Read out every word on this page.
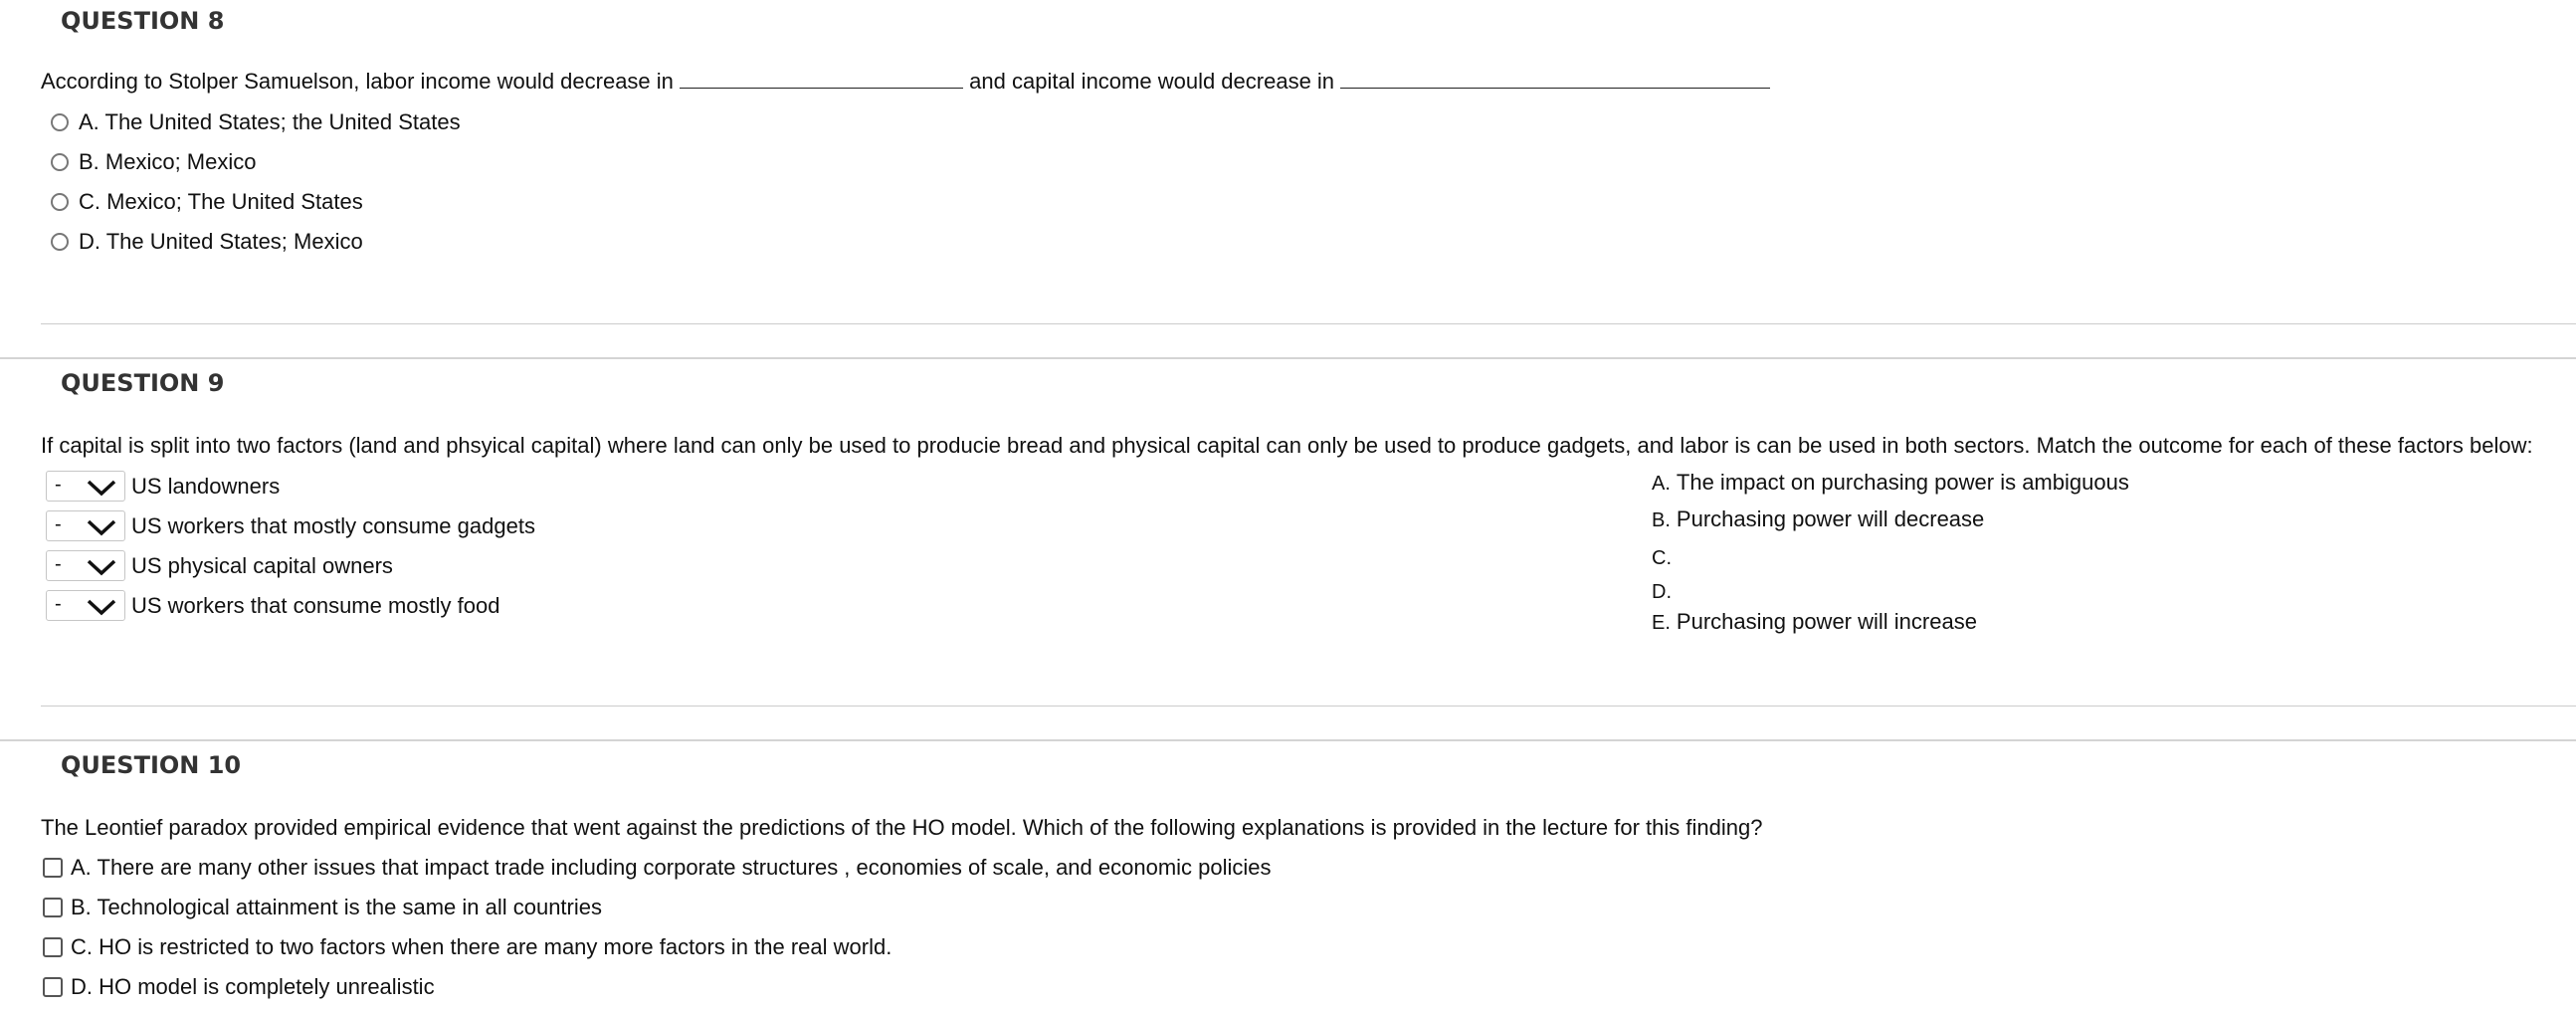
QUESTION 8
According to Stolper Samuelson, labor income would decrease in	and capital income would decrease in
A. The United States; the United States
B. Mexico; Mexico
C. Mexico; The United States
D. The United States; Mexico
QUESTION 9
If capital is split into two factors (land and phsyical capital) where land can only be used to producie bread and physical capital can only be used to produce gadgets, and labor is can be used in both sectors. Match the outcome for each of these factors below:
-	US landowners
-	US workers that mostly consume gadgets
-	US physical capital owners
-	US workers that consume mostly food
A. The impact on purchasing power is ambiguous
B. Purchasing power will decrease
C.
D.
E. Purchasing power will increase
QUESTION 10
The Leontief paradox provided empirical evidence that went against the predictions of the HO model. Which of the following explanations is provided in the lecture for this finding?
A. There are many other issues that impact trade including corporate structures , economies of scale, and economic policies
B. Technological attainment is the same in all countries
C. HO is restricted to two factors when there are many more factors in the real world.
D. HO model is completely unrealistic
